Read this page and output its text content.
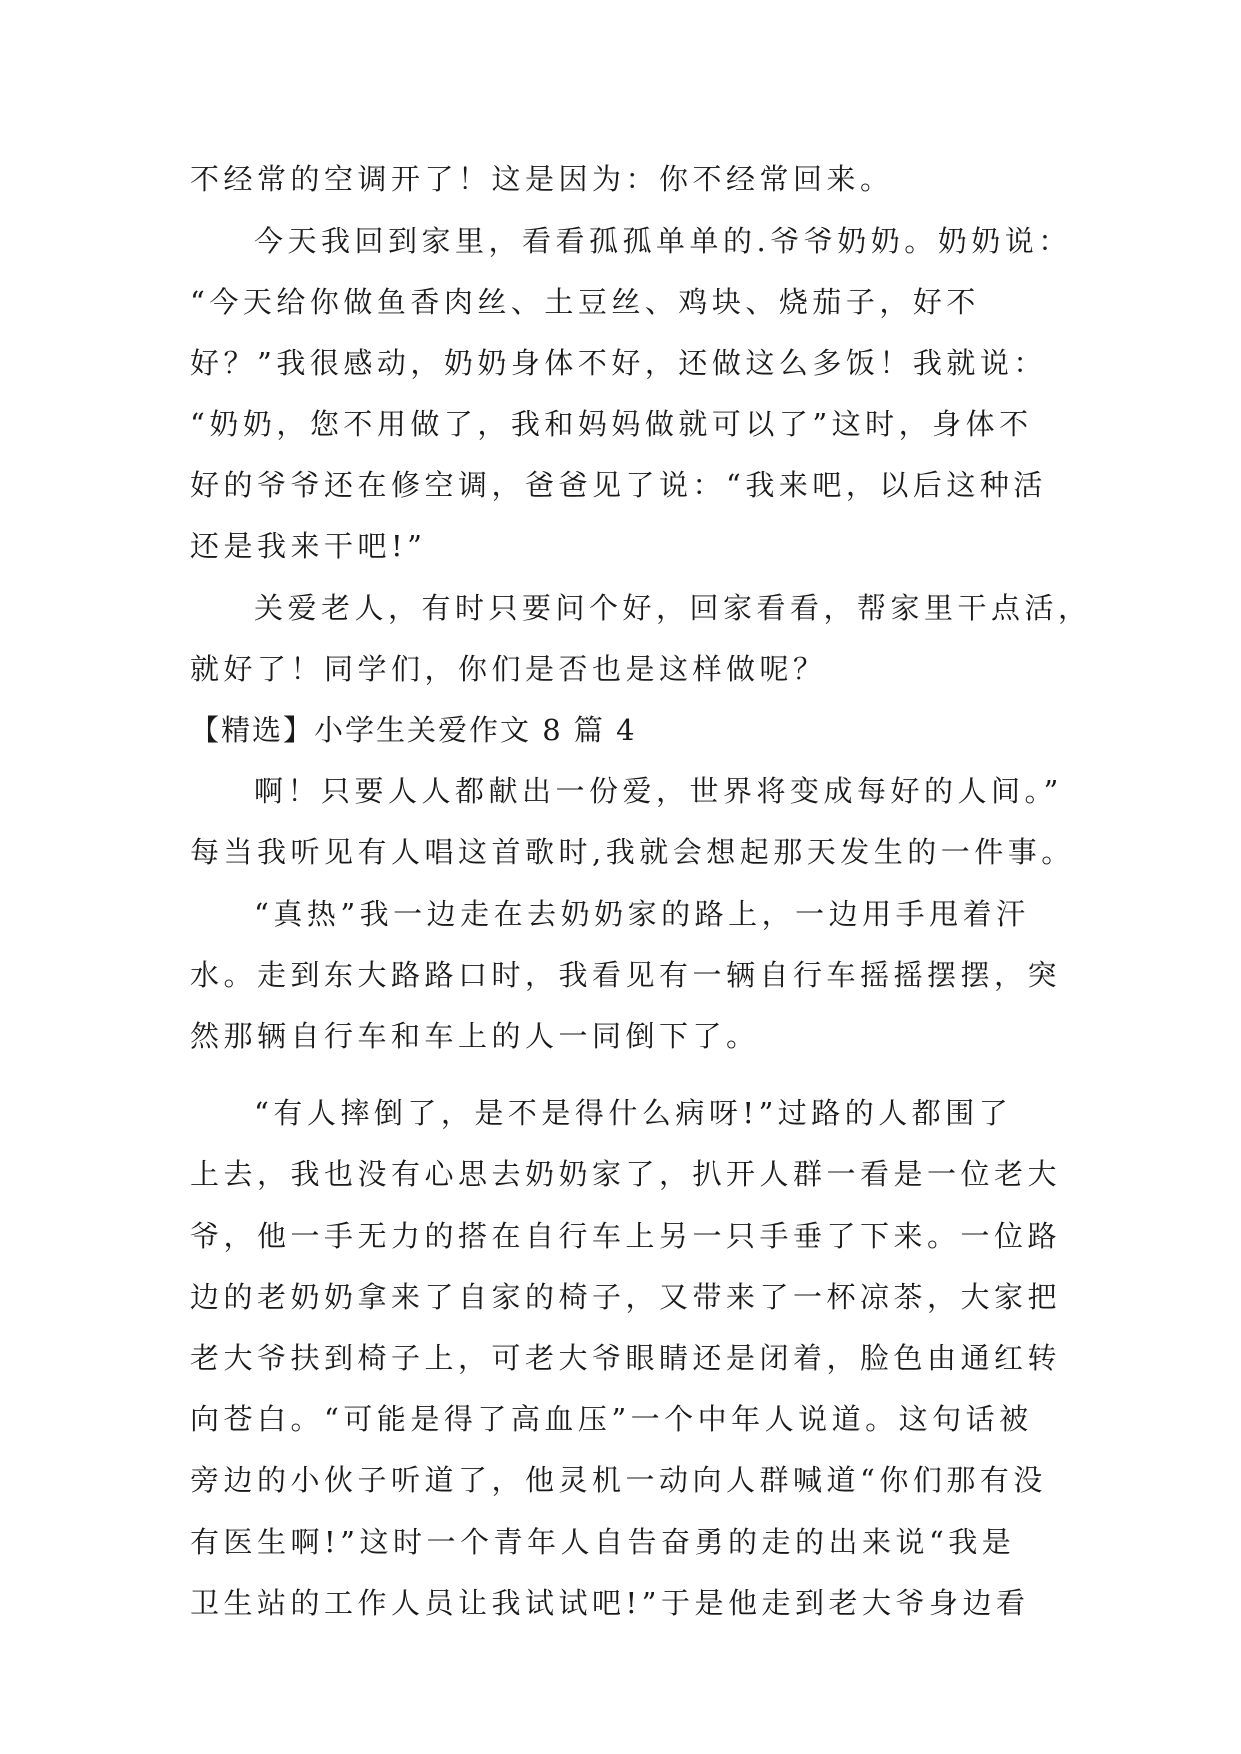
不经常的空调开了！这是因为：你不经常回来。
今天我回到家里，看看孤孤单单的.爷爷奶奶。奶奶说：
“今天给你做鱼香肉丝、土豆丝、鸡块、烧茄子，好不
好？”我很感动，奶奶身体不好，还做这么多饭！我就说：
“奶奶，您不用做了，我和妈妈做就可以了”这时，身体不
好的爷爷还在修空调，爸爸见了说：“我来吧，以后这种活
还是我来干吧!”
关爱老人，有时只要问个好，回家看看，帮家里干点活，
就好了！同学们，你们是否也是这样做呢？
【精选】小学生关爱作文 8 篇 4
啊！只要人人都献出一份爱，世界将变成每好的人间。”
每当我听见有人唱这首歌时,我就会想起那天发生的一件事。
“真热”我一边走在去奶奶家的路上，一边用手甩着汗
水。走到东大路路口时，我看见有一辆自行车摇摇摆摆，突
然那辆自行车和车上的人一同倒下了。
“有人摔倒了，是不是得什么病呀!”过路的人都围了
上去，我也没有心思去奶奶家了，扒开人群一看是一位老大
爷，他一手无力的搭在自行车上另一只手垂了下来。一位路
边的老奶奶拿来了自家的椅子，又带来了一杯凉茶，大家把
老大爷扶到椅子上，可老大爷眼睛还是闭着，脸色由通红转
向苍白。“可能是得了高血压”一个中年人说道。这句话被
旁边的小伙子听道了，他灵机一动向人群喊道“你们那有没
有医生啊!”这时一个青年人自告奋勇的走的出来说“我是
卫生站的工作人员让我试试吧!”于是他走到老大爷身边看
